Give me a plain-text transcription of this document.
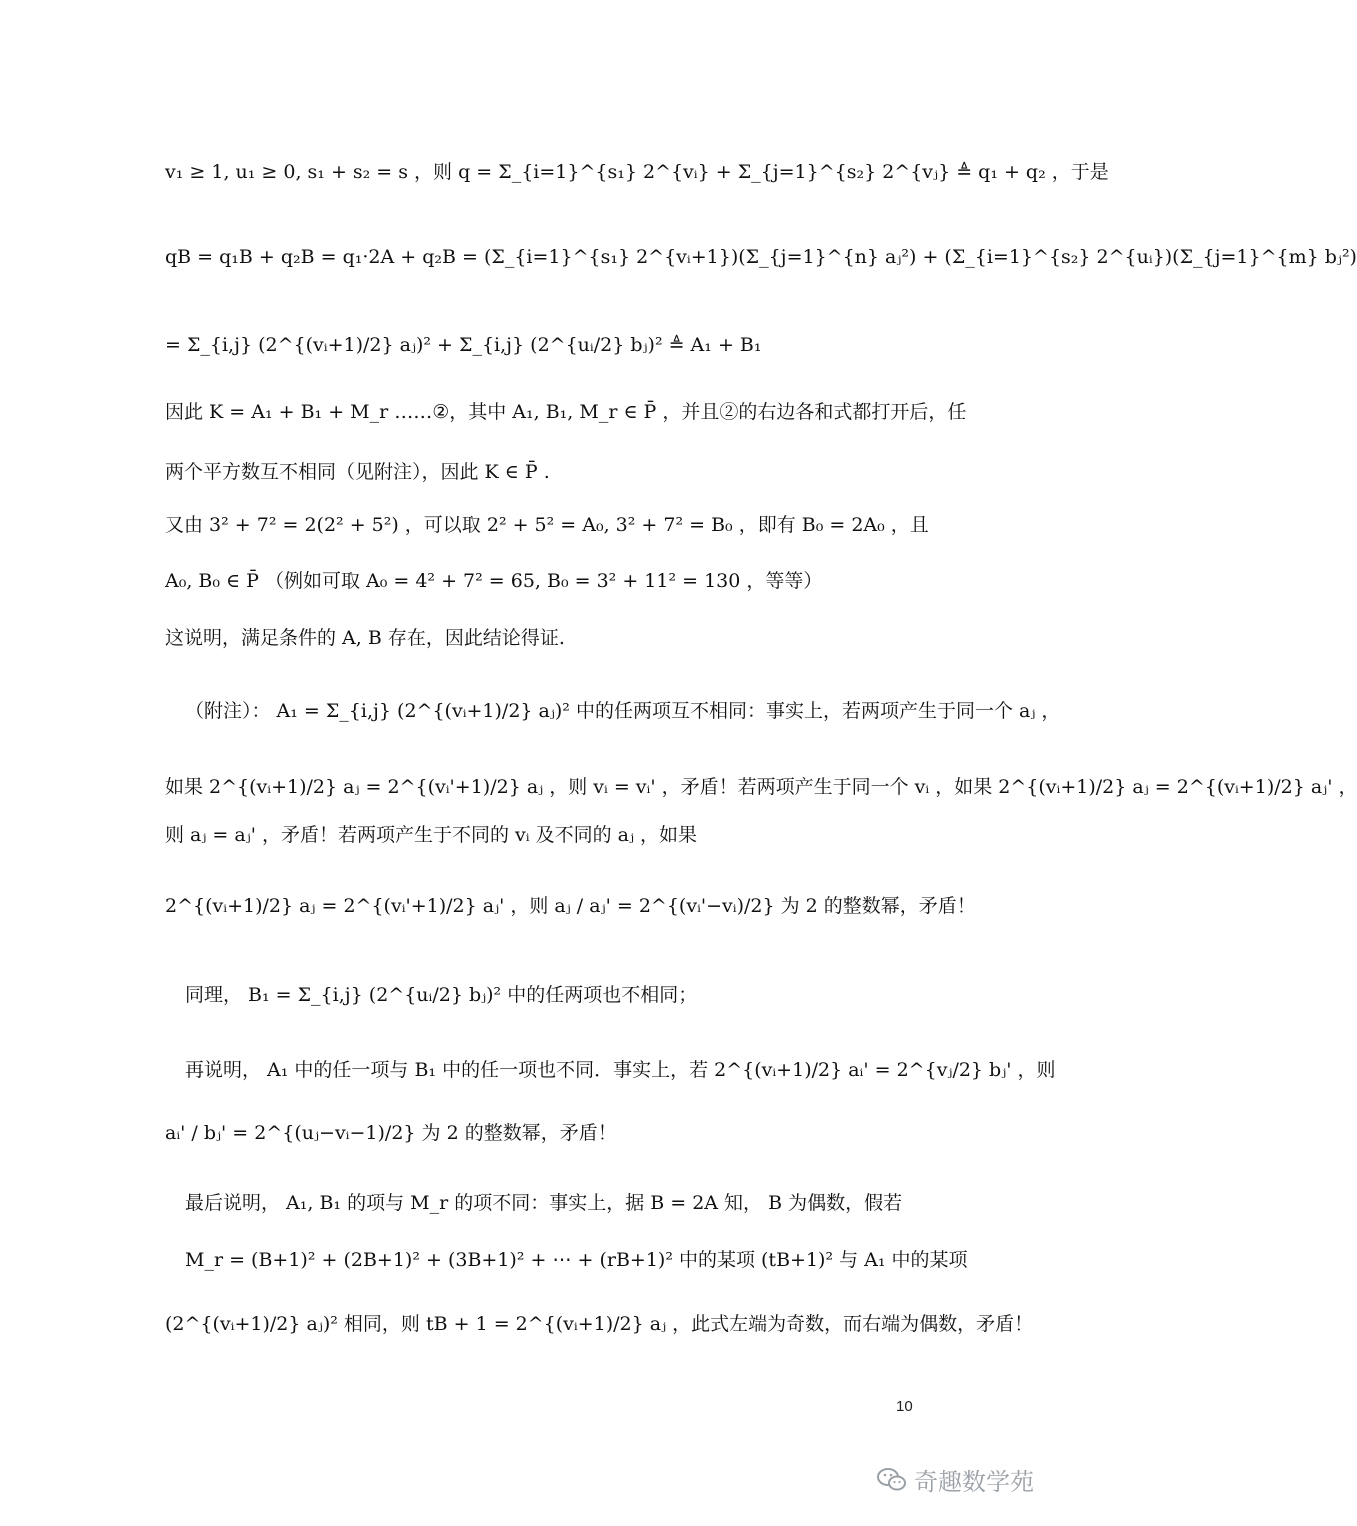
v₁ ≥ 1, u₁ ≥ 0, s₁ + s₂ = s ，则 q = Σ_{i=1}^{s₁} 2^{vᵢ} + Σ_{j=1}^{s₂} 2^{vⱼ} ≜ q₁ + q₂ ，于是
qB = q₁B + q₂B = q₁·2A + q₂B = (Σ_{i=1}^{s₁} 2^{vᵢ+1})(Σ_{j=1}^{n} aⱼ²) + (Σ_{i=1}^{s₂} 2^{uᵢ})(Σ_{j=1}^{m} bⱼ²)
= Σ_{i,j} (2^{(vᵢ+1)/2} aⱼ)² + Σ_{i,j} (2^{uᵢ/2} bⱼ)² ≜ A₁ + B₁
因此 K = A₁ + B₁ + M_r ……②，其中 A₁, B₁, M_r ∈ P̄ ，并且②的右边各和式都打开后，任
两个平方数互不相同（见附注），因此 K ∈ P̄ .
又由 3² + 7² = 2(2² + 5²) ，可以取 2² + 5² = A₀, 3² + 7² = B₀ ，即有 B₀ = 2A₀ ，且
A₀, B₀ ∈ P̄ （例如可取 A₀ = 4² + 7² = 65, B₀ = 3² + 11² = 130 ，等等）
这说明，满足条件的 A, B 存在，因此结论得证.
（附注）： A₁ = Σ_{i,j} (2^{(vᵢ+1)/2} aⱼ)² 中的任两项互不相同：事实上，若两项产生于同一个 aⱼ ，
如果 2^{(vᵢ+1)/2} aⱼ = 2^{(vᵢ'+1)/2} aⱼ ，则 vᵢ = vᵢ' ，矛盾！若两项产生于同一个 vᵢ ，如果 2^{(vᵢ+1)/2} aⱼ = 2^{(vᵢ+1)/2} aⱼ' ，
则 aⱼ = aⱼ' ，矛盾！若两项产生于不同的 vᵢ 及不同的 aⱼ ，如果
2^{(vᵢ+1)/2} aⱼ = 2^{(vᵢ'+1)/2} aⱼ' ，则 aⱼ / aⱼ' = 2^{(vᵢ'−vᵢ)/2} 为 2 的整数幂，矛盾！
同理， B₁ = Σ_{i,j} (2^{uᵢ/2} bⱼ)² 中的任两项也不相同；
再说明， A₁ 中的任一项与 B₁ 中的任一项也不同．事实上，若 2^{(vᵢ+1)/2} aᵢ' = 2^{vⱼ/2} bⱼ' ，则
aᵢ' / bⱼ' = 2^{(uⱼ−vᵢ−1)/2} 为 2 的整数幂，矛盾！
最后说明， A₁, B₁ 的项与 M_r 的项不同：事实上，据 B = 2A 知， B 为偶数，假若
M_r = (B+1)² + (2B+1)² + (3B+1)² + ⋯ + (rB+1)² 中的某项 (tB+1)² 与 A₁ 中的某项
(2^{(vᵢ+1)/2} aⱼ)² 相同，则 tB + 1 = 2^{(vᵢ+1)/2} aⱼ ，此式左端为奇数，而右端为偶数，矛盾！
10
奇趣数学苑
